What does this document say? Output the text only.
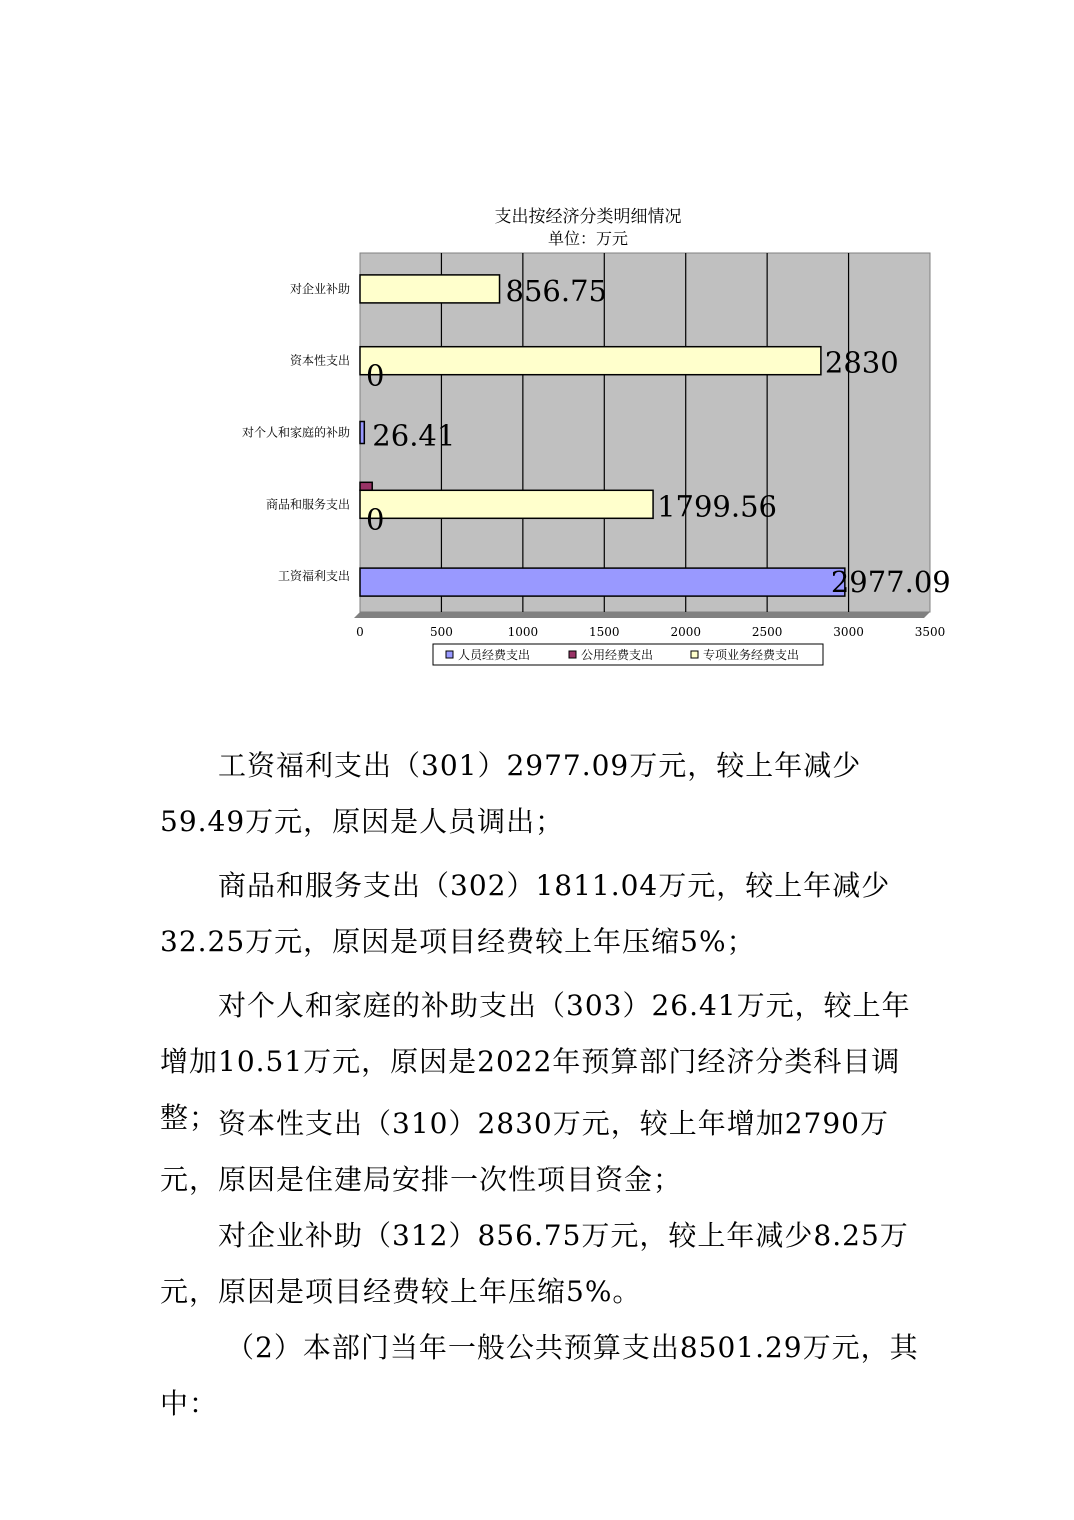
支出按经济分类明细情况
单位：万元
0	500	1000	1500	2000	2500	3000	3500
工资福利支出
商品和服务支出
对个人和家庭的补助
资本性支出
对企业补助
2977.09
1799.56
0
26.41
2830
0
856.75
人员经费支出	公用经费支出	专项业务经费支出

工资福利支出（301）2977.09万元，较上年减少59.49万元，原因是人员调出；

商品和服务支出（302）1811.04万元，较上年减少32.25万元，原因是项目经费较上年压缩5%；

对个人和家庭的补助支出（303）26.41万元，较上年增加10.51万元，原因是2022年预算部门经济分类科目调整； 资本性支出（310）2830万元，较上年增加2790万元，原因是住建局安排一次性项目资金；

对企业补助（312）856.75万元，较上年减少8.25万元，原因是项目经费较上年压缩5%。

（2）本部门当年一般公共预算支出8501.29万元，其中：
